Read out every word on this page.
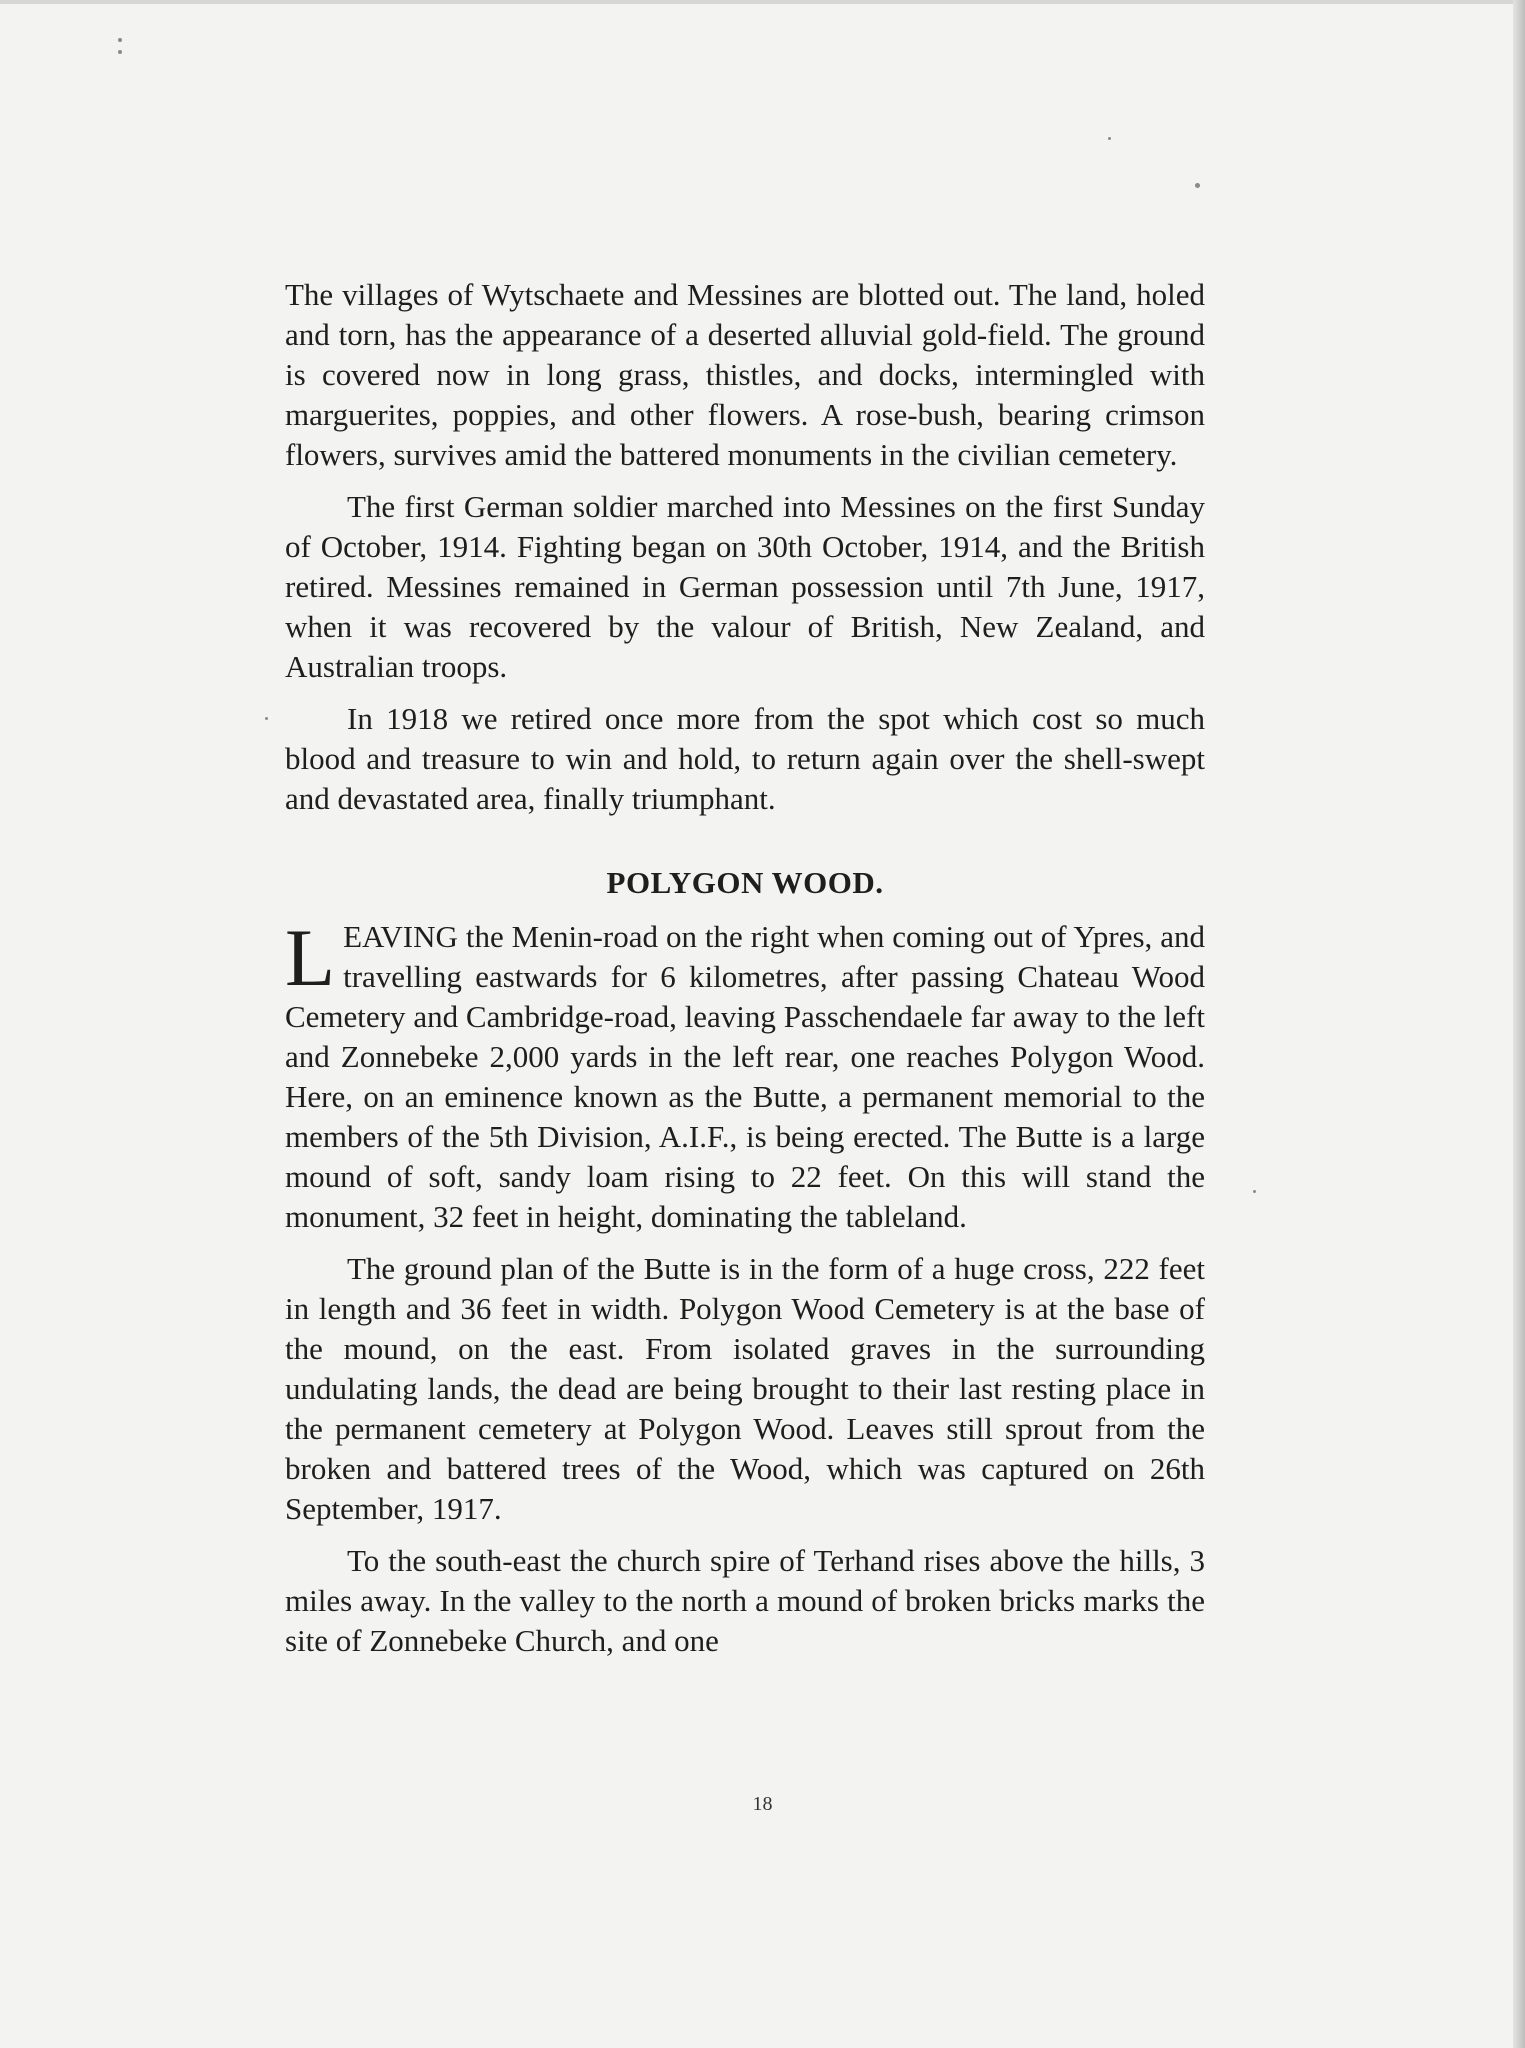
The villages of Wytschaete and Messines are blotted out. The land, holed and torn, has the appearance of a deserted alluvial gold-field. The ground is covered now in long grass, thistles, and docks, intermingled with marguerites, poppies, and other flowers. A rose-bush, bearing crimson flowers, survives amid the battered monuments in the civilian cemetery.

The first German soldier marched into Messines on the first Sunday of October, 1914. Fighting began on 30th October, 1914, and the British retired. Messines remained in German possession until 7th June, 1917, when it was recovered by the valour of British, New Zealand, and Australian troops.

In 1918 we retired once more from the spot which cost so much blood and treasure to win and hold, to return again over the shell-swept and devastated area, finally triumphant.

POLYGON WOOD.

LEAVING the Menin-road on the right when coming out of Ypres, and travelling eastwards for 6 kilometres, after passing Chateau Wood Cemetery and Cambridge-road, leaving Passchendaele far away to the left and Zonnebeke 2,000 yards in the left rear, one reaches Polygon Wood. Here, on an eminence known as the Butte, a permanent memorial to the members of the 5th Division, A.I.F., is being erected. The Butte is a large mound of soft, sandy loam rising to 22 feet. On this will stand the monument, 32 feet in height, dominating the tableland.

The ground plan of the Butte is in the form of a huge cross, 222 feet in length and 36 feet in width. Polygon Wood Cemetery is at the base of the mound, on the east. From isolated graves in the surrounding undulating lands, the dead are being brought to their last resting place in the permanent cemetery at Polygon Wood. Leaves still sprout from the broken and battered trees of the Wood, which was captured on 26th September, 1917.

To the south-east the church spire of Terhand rises above the hills, 3 miles away. In the valley to the north a mound of broken bricks marks the site of Zonnebeke Church, and one

18
